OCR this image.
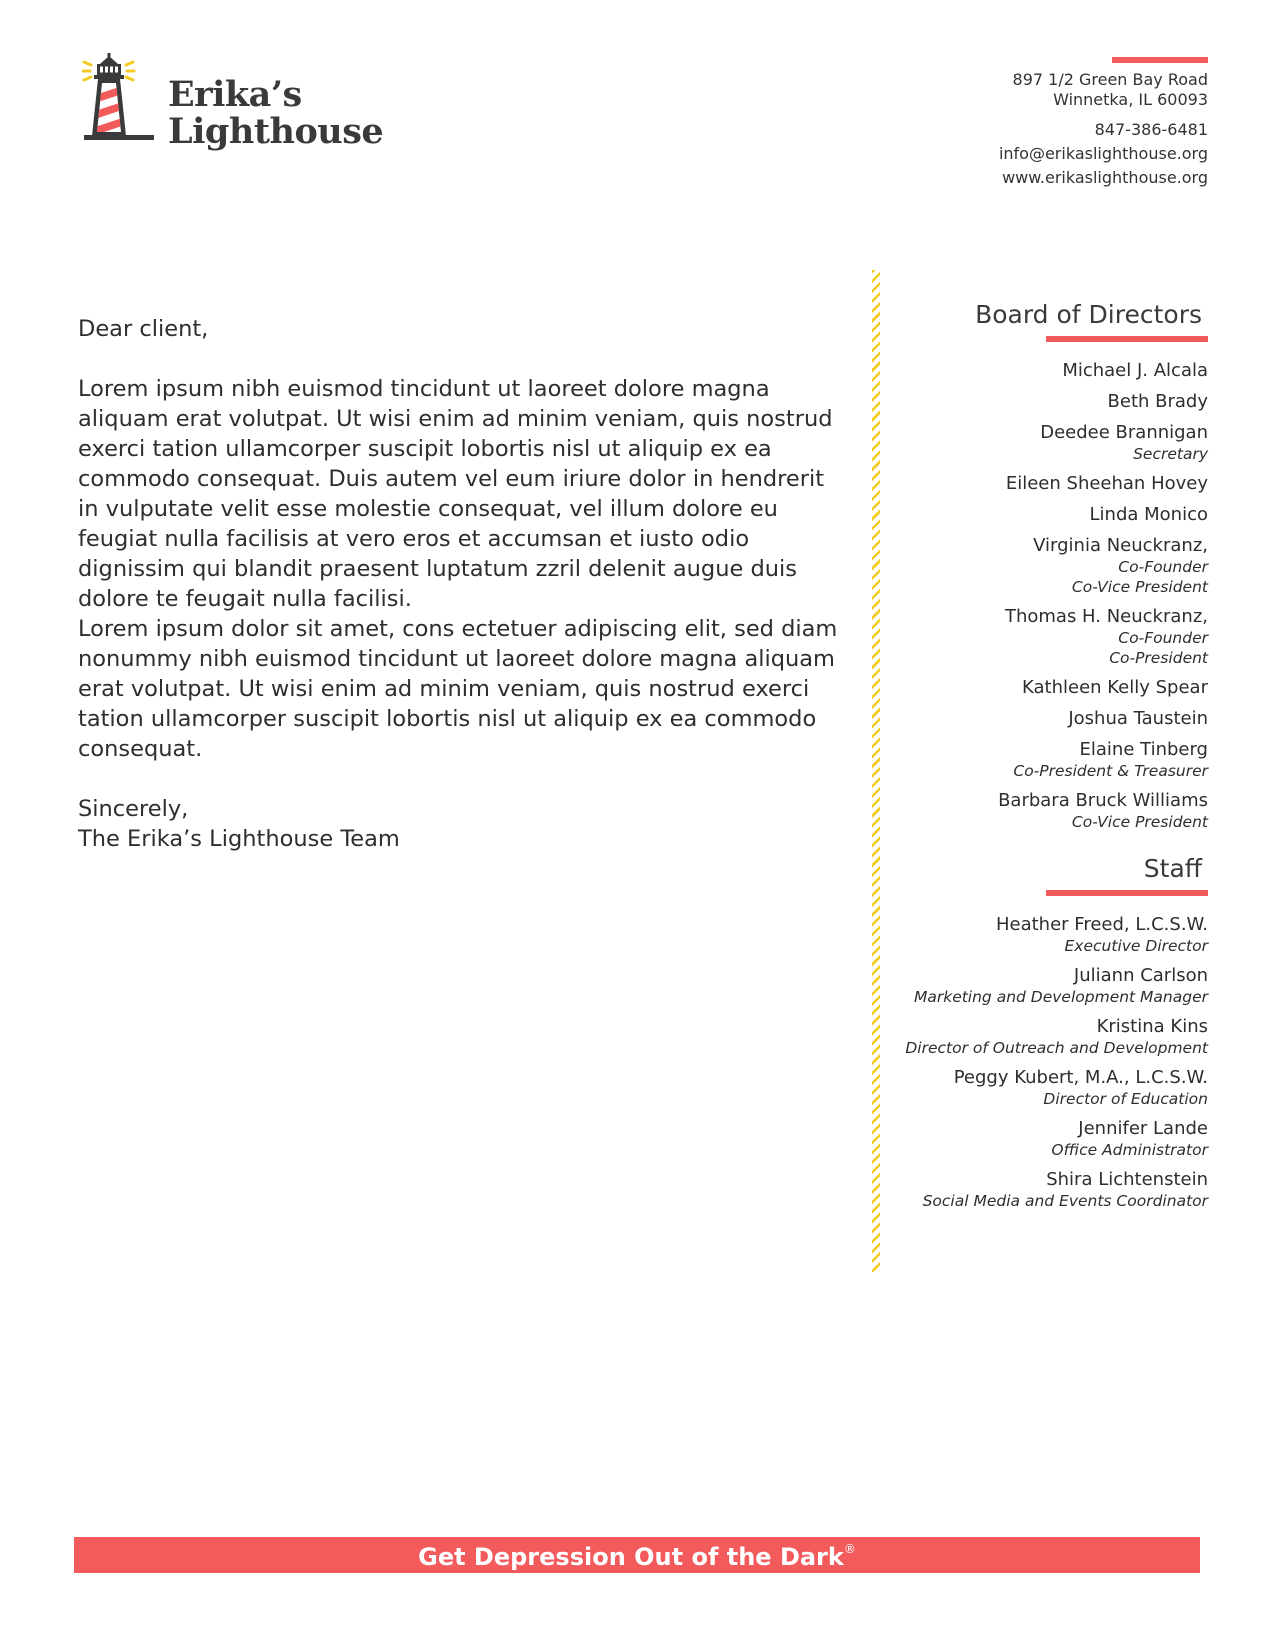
Erika’s
Lighthouse
897 1/2 Green Bay Road
Winnetka, IL 60093
847-386-6481
info@erikaslighthouse.org
www.erikaslighthouse.org

Dear client,

Lorem ipsum nibh euismod tincidunt ut laoreet dolore magna aliquam erat volutpat. Ut wisi enim ad minim veniam, quis nostrud exerci tation ullamcorper suscipit lobortis nisl ut aliquip ex ea commodo consequat. Duis autem vel eum iriure dolor in hendrerit in vulputate velit esse molestie consequat, vel illum dolore eu feugiat nulla facilisis at vero eros et accumsan et iusto odio dignissim qui blandit praesent luptatum zzril delenit augue duis dolore te feugait nulla facilisi.

Lorem ipsum dolor sit amet, cons ectetuer adipiscing elit, sed diam nonummy nibh euismod tincidunt ut laoreet dolore magna aliquam erat volutpat. Ut wisi enim ad minim veniam, quis nostrud exerci tation ullamcorper suscipit lobortis nisl ut aliquip ex ea commodo consequat.

Sincerely,

The Erika’s Lighthouse Team

Board of Directors
Michael J. Alcala
Beth Brady
Deedee Brannigan
Secretary
Eileen Sheehan Hovey
Linda Monico
Virginia Neuckranz,
Co-Founder
Co-Vice President
Thomas H. Neuckranz,
Co-Founder
Co-President
Kathleen Kelly Spear
Joshua Taustein
Elaine Tinberg
Co-President & Treasurer
Barbara Bruck Williams
Co-Vice President
Staff
Heather Freed, L.C.S.W.
Executive Director
Juliann Carlson
Marketing and Development Manager
Kristina Kins
Director of Outreach and Development
Peggy Kubert, M.A., L.C.S.W.
Director of Education
Jennifer Lande
Office Administrator
Shira Lichtenstein
Social Media and Events Coordinator
Get Depression Out of the Dark®
